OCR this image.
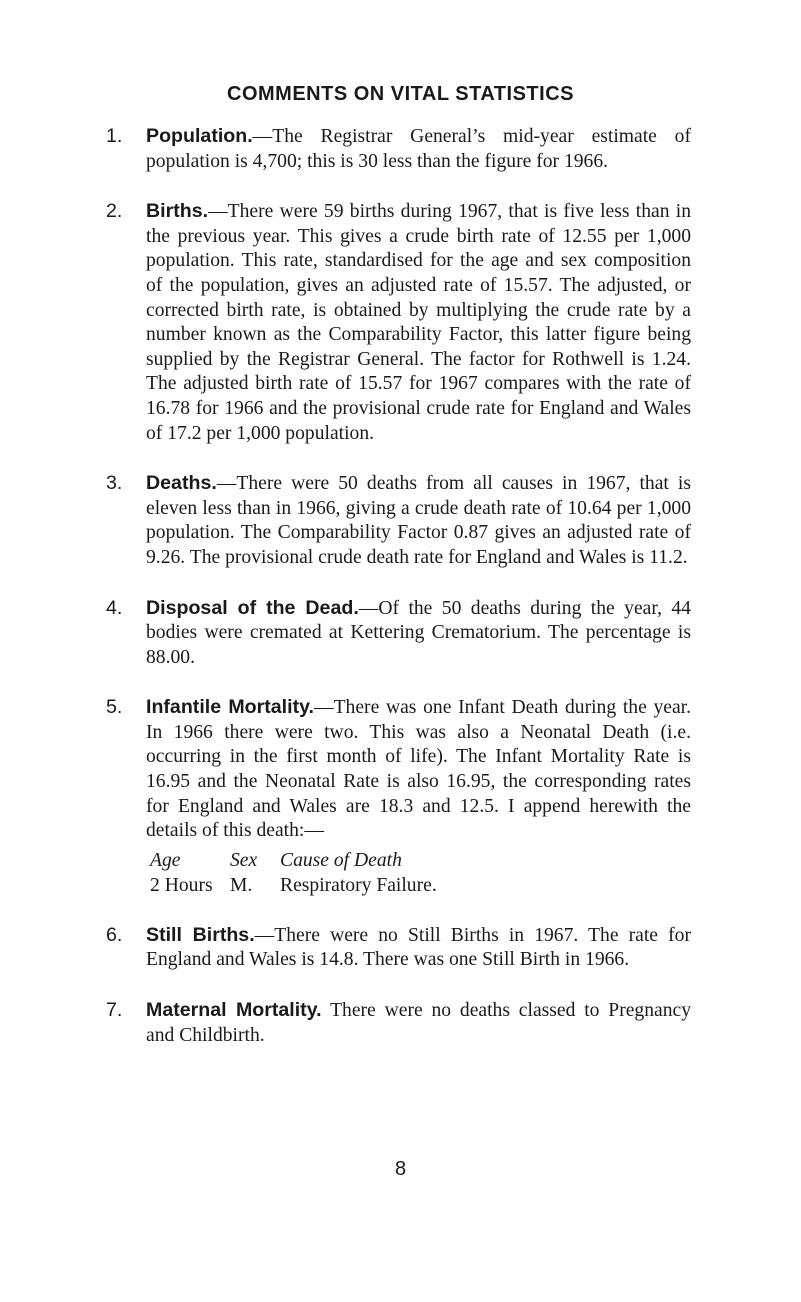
COMMENTS ON VITAL STATISTICS
1. Population.—The Registrar General’s mid-year estimate of population is 4,700; this is 30 less than the figure for 1966.
2. Births.—There were 59 births during 1967, that is five less than in the previous year. This gives a crude birth rate of 12.55 per 1,000 population. This rate, standardised for the age and sex composition of the population, gives an adjusted rate of 15.57. The adjusted, or corrected birth rate, is obtained by multiplying the crude rate by a number known as the Comparability Factor, this latter figure being supplied by the Registrar General. The factor for Rothwell is 1.24. The adjusted birth rate of 15.57 for 1967 compares with the rate of 16.78 for 1966 and the provisional crude rate for England and Wales of 17.2 per 1,000 population.
3. Deaths.—There were 50 deaths from all causes in 1967, that is eleven less than in 1966, giving a crude death rate of 10.64 per 1,000 population. The Comparability Factor 0.87 gives an adjusted rate of 9.26. The provisional crude death rate for England and Wales is 11.2.
4. Disposal of the Dead.—Of the 50 deaths during the year, 44 bodies were cremated at Kettering Crematorium. The percentage is 88.00.
5. Infantile Mortality.—There was one Infant Death during the year. In 1966 there were two. This was also a Neonatal Death (i.e. occurring in the first month of life). The Infant Mortality Rate is 16.95 and the Neonatal Rate is also 16.95, the corresponding rates for England and Wales are 18.3 and 12.5. I append herewith the details of this death:—
Age	Sex	Cause of Death
2 Hours M.	Respiratory Failure.
6. Still Births.—There were no Still Births in 1967. The rate for England and Wales is 14.8. There was one Still Birth in 1966.
7. Maternal Mortality. There were no deaths classed to Pregnancy and Childbirth.
8
